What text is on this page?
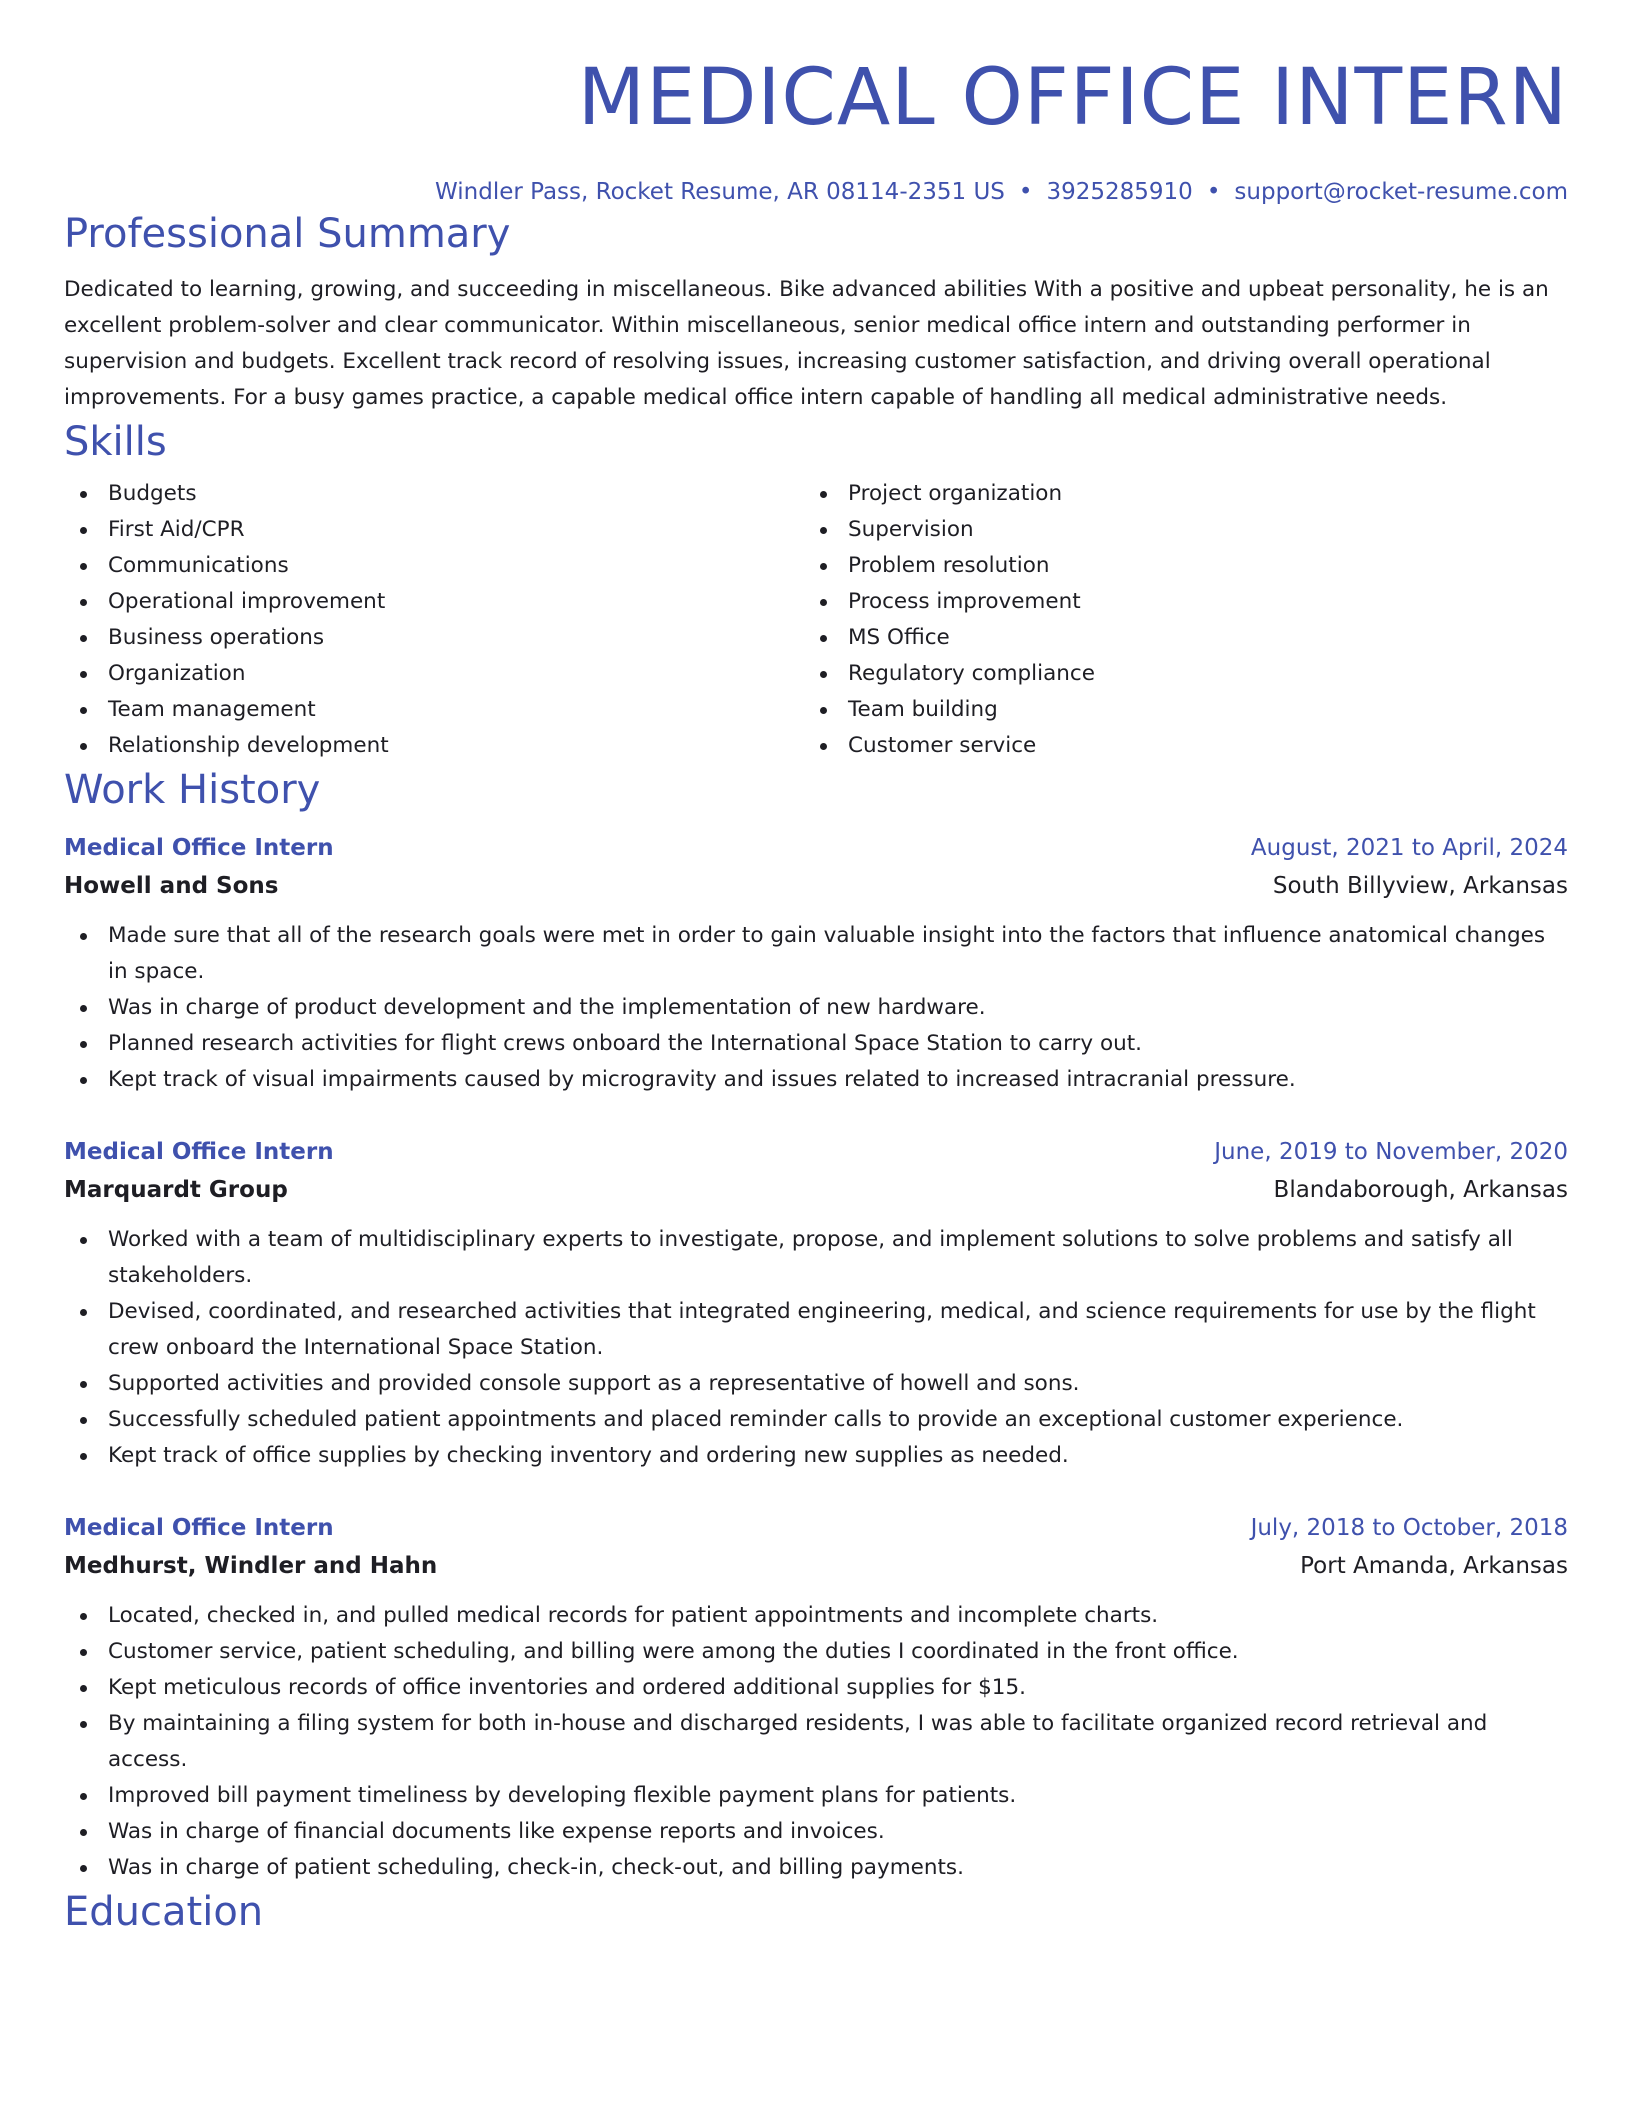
MEDICAL OFFICE INTERN
Windler Pass, Rocket Resume, AR 08114-2351 US • 3925285910 • support@rocket-resume.com
Professional Summary
Dedicated to learning, growing, and succeeding in miscellaneous. Bike advanced abilities With a positive and upbeat personality, he is an excellent problem-solver and clear communicator. Within miscellaneous, senior medical office intern and outstanding performer in supervision and budgets. Excellent track record of resolving issues, increasing customer satisfaction, and driving overall operational improvements. For a busy games practice, a capable medical office intern capable of handling all medical administrative needs.
Skills
Budgets
First Aid/CPR
Communications
Operational improvement
Business operations
Organization
Team management
Relationship development
Project organization
Supervision
Problem resolution
Process improvement
MS Office
Regulatory compliance
Team building
Customer service
Work History
Medical Office Intern	August, 2021 to April, 2024
Howell and Sons	South Billyview, Arkansas
Made sure that all of the research goals were met in order to gain valuable insight into the factors that influence anatomical changes in space.
Was in charge of product development and the implementation of new hardware.
Planned research activities for flight crews onboard the International Space Station to carry out.
Kept track of visual impairments caused by microgravity and issues related to increased intracranial pressure.
Medical Office Intern	June, 2019 to November, 2020
Marquardt Group	Blandaborough, Arkansas
Worked with a team of multidisciplinary experts to investigate, propose, and implement solutions to solve problems and satisfy all stakeholders.
Devised, coordinated, and researched activities that integrated engineering, medical, and science requirements for use by the flight crew onboard the International Space Station.
Supported activities and provided console support as a representative of howell and sons.
Successfully scheduled patient appointments and placed reminder calls to provide an exceptional customer experience.
Kept track of office supplies by checking inventory and ordering new supplies as needed.
Medical Office Intern	July, 2018 to October, 2018
Medhurst, Windler and Hahn	Port Amanda, Arkansas
Located, checked in, and pulled medical records for patient appointments and incomplete charts.
Customer service, patient scheduling, and billing were among the duties I coordinated in the front office.
Kept meticulous records of office inventories and ordered additional supplies for $15.
By maintaining a filing system for both in-house and discharged residents, I was able to facilitate organized record retrieval and access.
Improved bill payment timeliness by developing flexible payment plans for patients.
Was in charge of financial documents like expense reports and invoices.
Was in charge of patient scheduling, check-in, check-out, and billing payments.
Education
